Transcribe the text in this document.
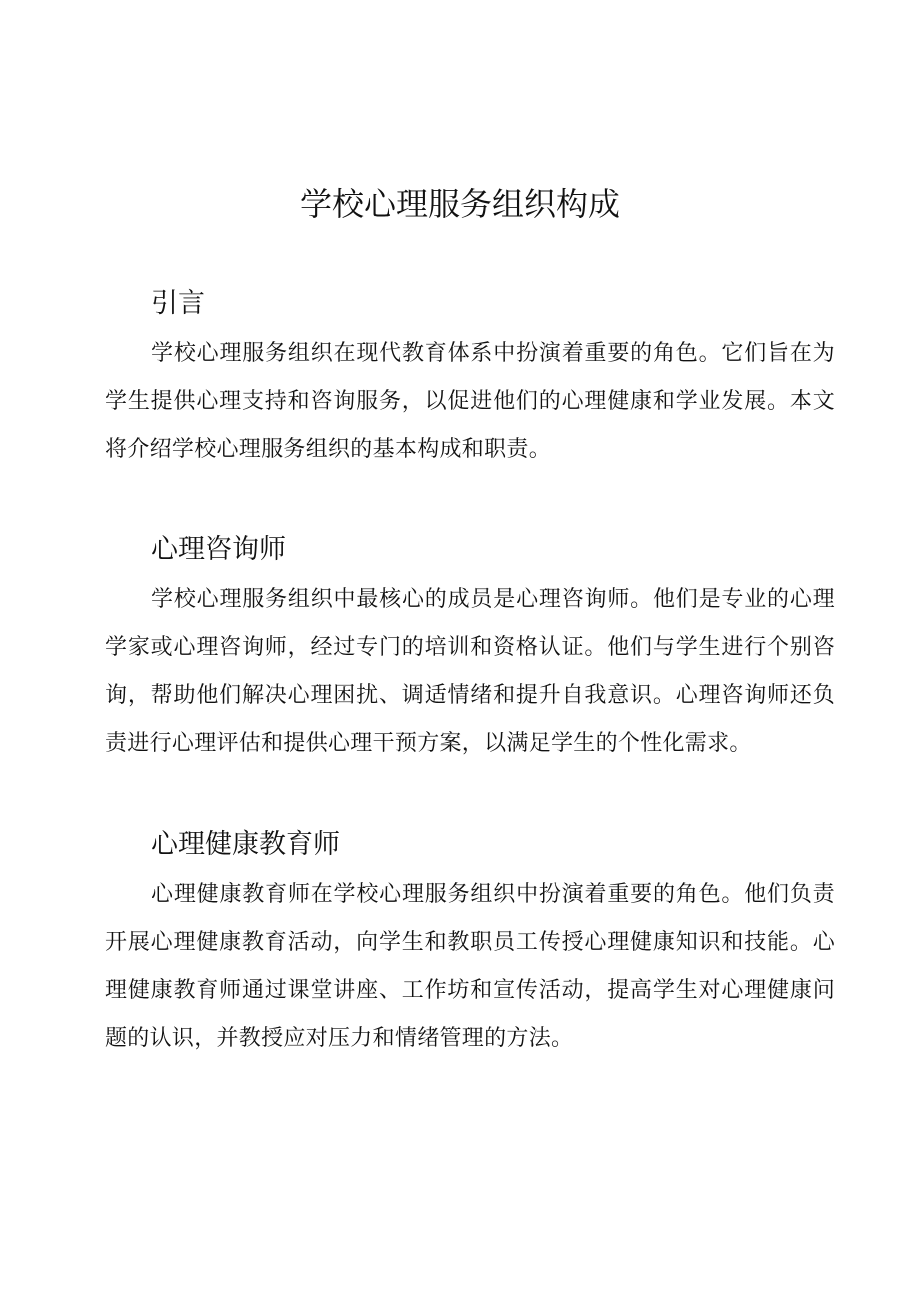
学校心理服务组织构成
引言

学校心理服务组织在现代教育体系中扮演着重要的角色。它们旨在为学生提供心理支持和咨询服务，以促进他们的心理健康和学业发展。本文将介绍学校心理服务组织的基本构成和职责。

心理咨询师

学校心理服务组织中最核心的成员是心理咨询师。他们是专业的心理学家或心理咨询师，经过专门的培训和资格认证。他们与学生进行个别咨询，帮助他们解决心理困扰、调适情绪和提升自我意识。心理咨询师还负责进行心理评估和提供心理干预方案，以满足学生的个性化需求。

心理健康教育师

心理健康教育师在学校心理服务组织中扮演着重要的角色。他们负责开展心理健康教育活动，向学生和教职员工传授心理健康知识和技能。心理健康教育师通过课堂讲座、工作坊和宣传活动，提高学生对心理健康问题的认识，并教授应对压力和情绪管理的方法。
